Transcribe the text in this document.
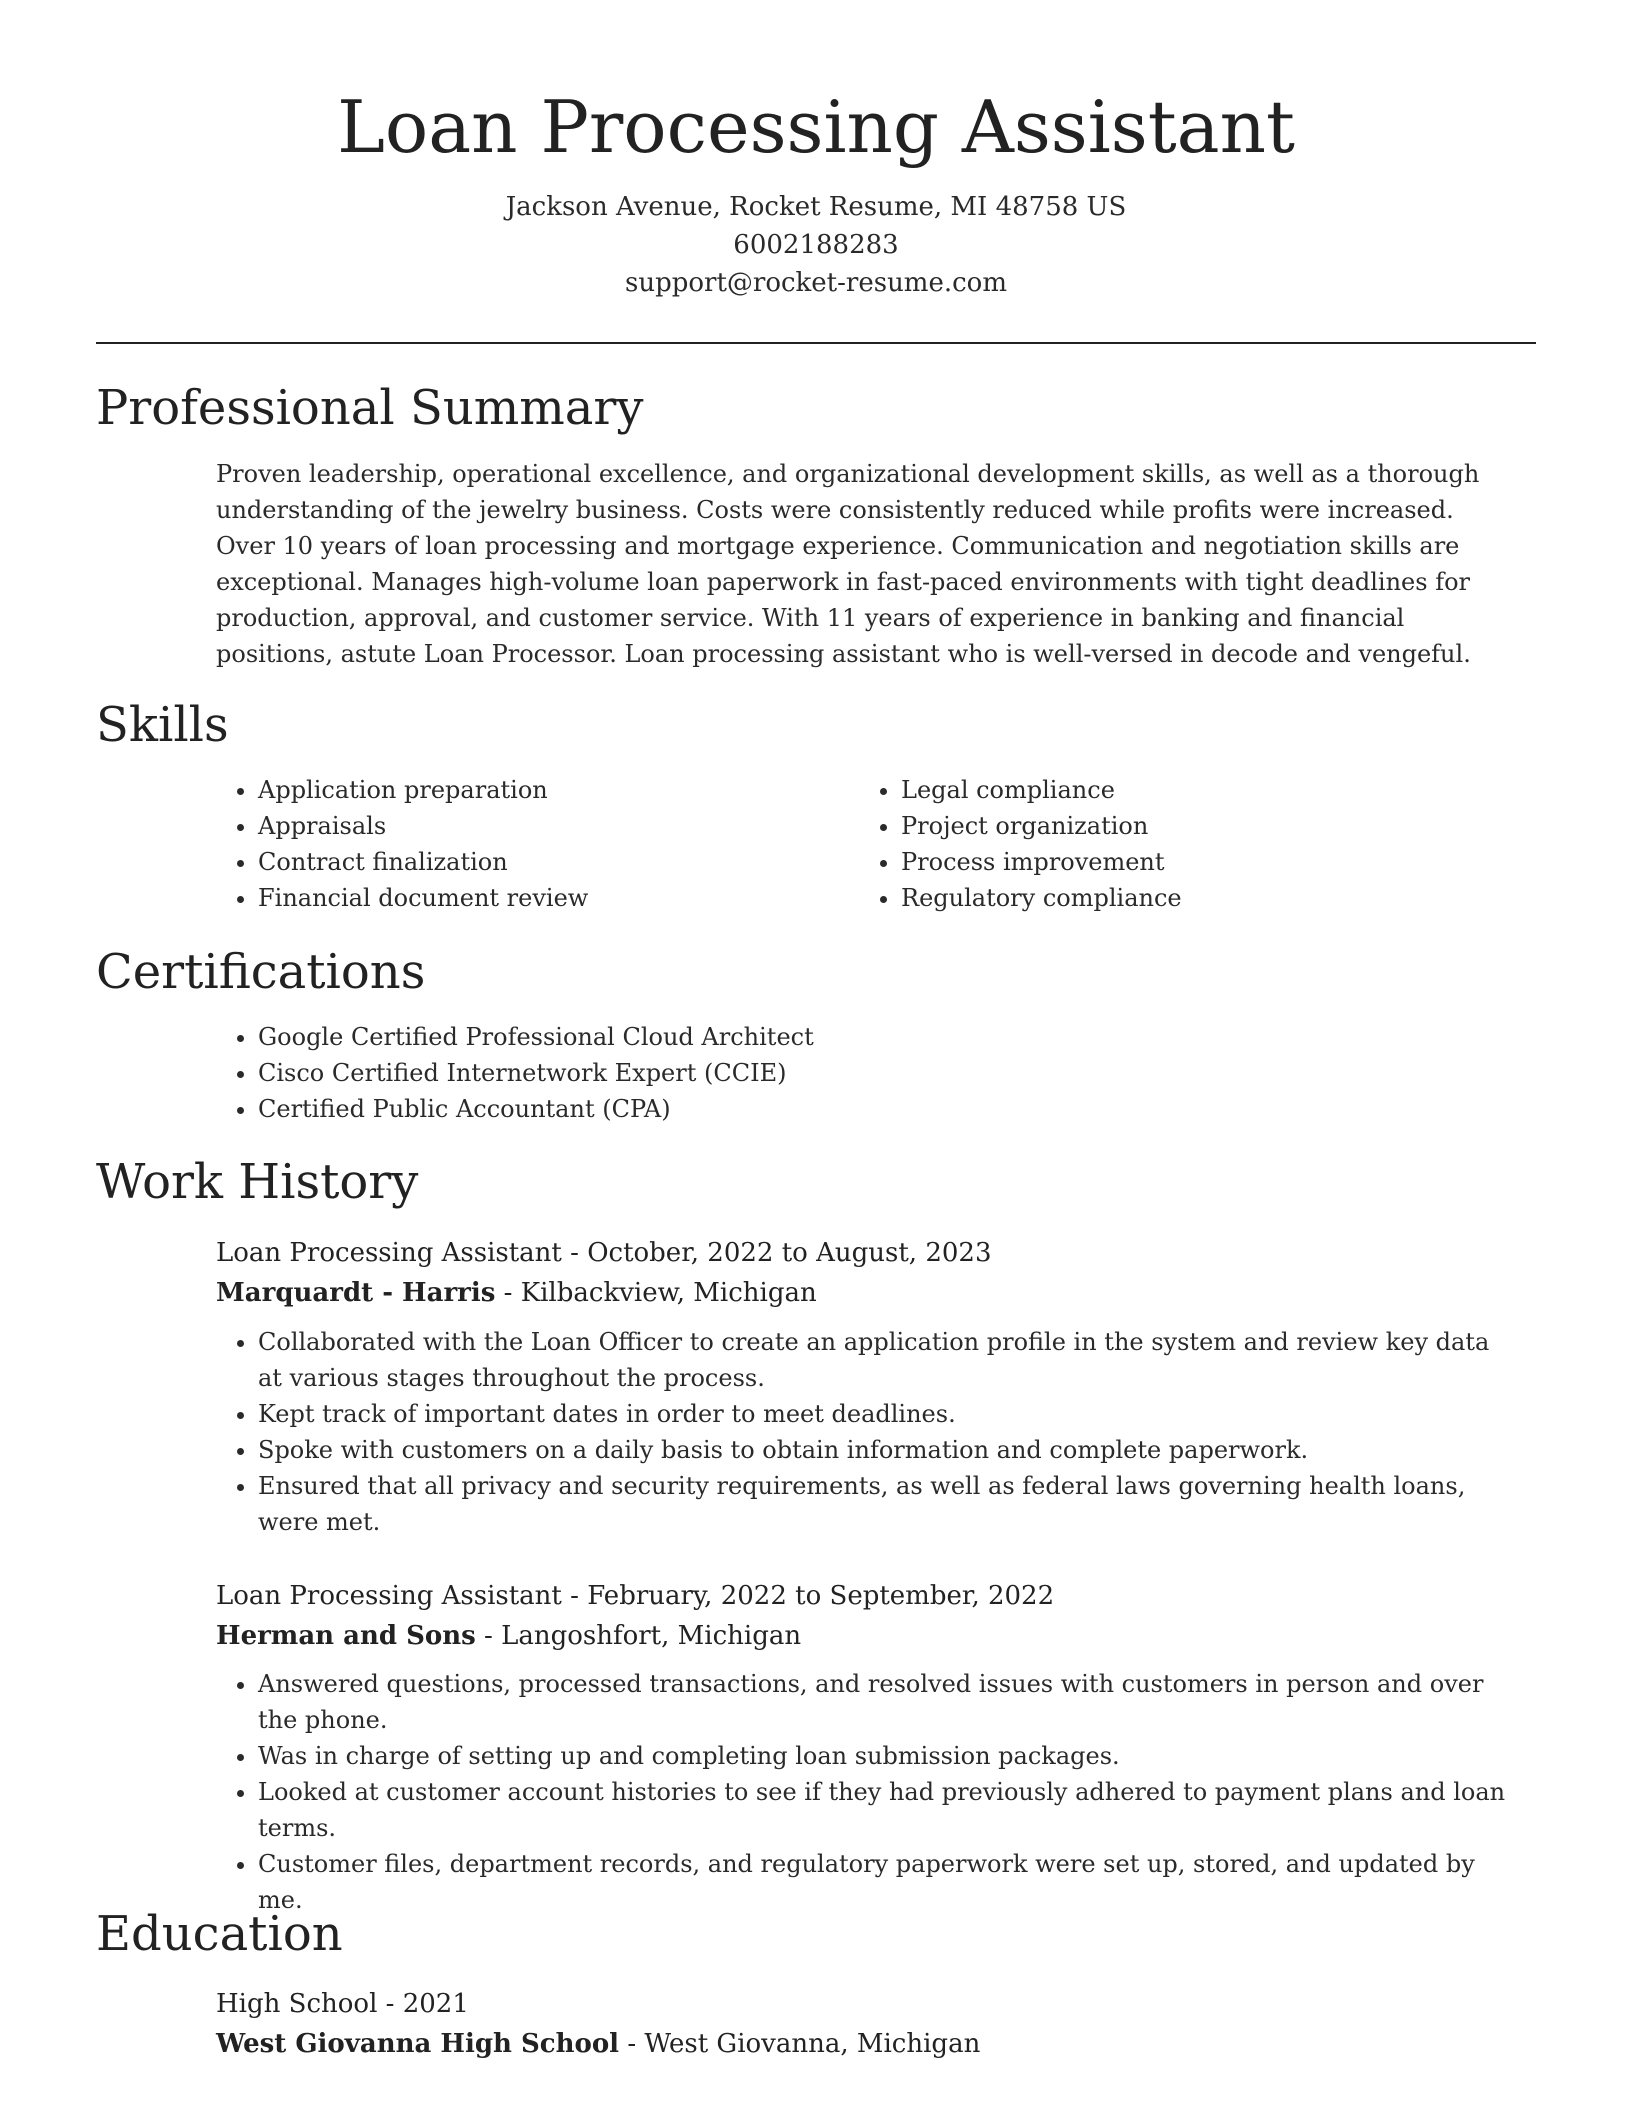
Loan Processing Assistant
Jackson Avenue, Rocket Resume, MI 48758 US
6002188283
support@rocket-resume.com
Professional Summary

Proven leadership, operational excellence, and organizational development skills, as well as a thorough understanding of the jewelry business. Costs were consistently reduced while profits were increased. Over 10 years of loan processing and mortgage experience. Communication and negotiation skills are exceptional. Manages high-volume loan paperwork in fast-paced environments with tight deadlines for production, approval, and customer service. With 11 years of experience in banking and financial positions, astute Loan Processor. Loan processing assistant who is well-versed in decode and vengeful.

Skills
• Application preparation
• Appraisals
• Contract finalization
• Financial document review
• Legal compliance
• Project organization
• Process improvement
• Regulatory compliance
Certifications
• Google Certified Professional Cloud Architect
• Cisco Certified Internetwork Expert (CCIE)
• Certified Public Accountant (CPA)
Work History
Loan Processing Assistant - October, 2022 to August, 2023
Marquardt - Harris - Kilbackview, Michigan
• Collaborated with the Loan Officer to create an application profile in the system and review key data at various stages throughout the process.
• Kept track of important dates in order to meet deadlines.
• Spoke with customers on a daily basis to obtain information and complete paperwork.
• Ensured that all privacy and security requirements, as well as federal laws governing health loans, were met.
Loan Processing Assistant - February, 2022 to September, 2022
Herman and Sons - Langoshfort, Michigan
• Answered questions, processed transactions, and resolved issues with customers in person and over the phone.
• Was in charge of setting up and completing loan submission packages.
• Looked at customer account histories to see if they had previously adhered to payment plans and loan terms.
• Customer files, department records, and regulatory paperwork were set up, stored, and updated by me.
Education
High School - 2021
West Giovanna High School - West Giovanna, Michigan
